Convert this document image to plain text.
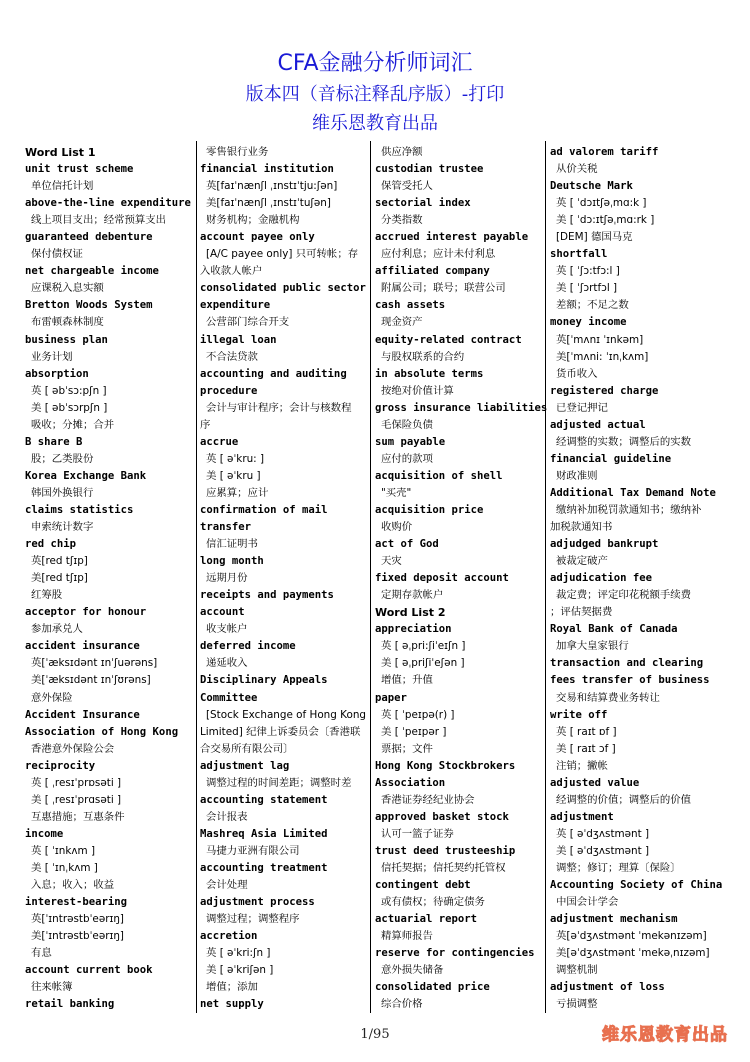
CFA金融分析师词汇
版本四（音标注释乱序版）-打印
维乐恩教育出品
Word List 1
unit trust scheme
单位信托计划
above-the-line expenditure
线上项目支出；经常预算支出
guaranteed debenture
保付债权证
net chargeable income
应课税入息实额
Bretton Woods System
布雷顿森林制度
business plan
业务计划
absorption
英 [ əbˈsɔ:pʃn ]
美 [ əbˈsɔrpʃn ]
吸收；分摊；合并
B share B
股；乙类股份
Korea Exchange Bank
韩国外换银行
claims statistics
申索统计数字
red chip
英[red tʃɪp]
美[red tʃɪp]
红筹股
acceptor for honour
参加承兑人
accident insurance
英[ˈæksɪdənt ɪnˈʃuərəns]
美[ˈæksɪdənt ɪnˈʃʊrəns]
意外保险
Accident Insurance
Association of Hong Kong
香港意外保险公会
reciprocity
英 [ ˌresɪˈprɒsəti ]
美 [ ˌresɪˈprɑsəti ]
互惠措施；互惠条件
income
英 [ ˈɪnkʌm ]
美 [ ˈɪnˌkʌm ]
入息；收入；收益
interest-bearing
英[ˈɪntrəstbˈeərɪŋ]
美[ˈɪntrəstbˈeərɪŋ]
有息
account current book
往来帐簿
retail banking
零售银行业务
financial institution
英[faɪˈnænʃl ˌɪnstɪˈtju:ʃən]
美[faɪˈnænʃl ˌɪnstɪˈtuʃən]
财务机构；金融机构
account payee only
[A/C payee only] 只可转帐；存
入收款人帐户
consolidated public sector
expenditure
公营部门综合开支
illegal loan
不合法贷款
accounting and auditing
procedure
会计与审计程序；会计与核数程
序
accrue
英 [ əˈkru: ]
美 [ əˈkru ]
应累算；应计
confirmation of mail
transfer
信汇证明书
long month
远期月份
receipts and payments
account
收支帐户
deferred income
递延收入
Disciplinary Appeals
Committee
[Stock Exchange of Hong Kong
Limited] 纪律上诉委员会〔香港联
合交易所有限公司〕
adjustment lag
调整过程的时间差距；调整时差
accounting statement
会计报表
Mashreq Asia Limited
马捷力亚洲有限公司
accounting treatment
会计处理
adjustment process
调整过程；调整程序
accretion
英 [ əˈkri:ʃn ]
美 [ əˈkriʃən ]
增值；添加
net supply
供应净额
custodian trustee
保管受托人
sectorial index
分类指数
accrued interest payable
应付利息；应计未付利息
affiliated company
附属公司；联号；联营公司
cash assets
现金资产
equity-related contract
与股权联系的合约
in absolute terms
按绝对价值计算
gross insurance liabilities
毛保险负债
sum payable
应付的款项
acquisition of shell
"买壳"
acquisition price
收购价
act of God
天灾
fixed deposit account
定期存款帐户
Word List 2
appreciation
英 [ əˌpri:ʃiˈeɪʃn ]
美 [ əˌpriʃiˈeʃən ]
增值；升值
paper
英 [ ˈpeɪpə(r) ]
美 [ ˈpeɪpər ]
票据；文件
Hong Kong Stockbrokers
Association
香港证券经纪业协会
approved basket stock
认可一篮子证券
trust deed trusteeship
信托契据；信托契约托管权
contingent debt
或有债权；待确定债务
actuarial report
精算师报告
reserve for contingencies
意外损失储备
consolidated price
综合价格
ad valorem tariff
从价关税
Deutsche Mark
英 [ ˈdɔɪtʃəˌmɑ:k ]
美 [ ˈdɔ:ɪtʃəˌmɑ:rk ]
[DEM] 德国马克
shortfall
英 [ ˈʃɔ:tfɔ:l ]
美 [ ˈʃɔrtfɔl ]
差额；不足之数
money income
英[ˈmʌnɪ ˈɪnkəm]
美[ˈmʌni: ˈɪnˌkʌm]
货币收入
registered charge
已登记押记
adjusted actual
经调整的实数；调整后的实数
financial guideline
财政准则
Additional Tax Demand Note
缴纳补加税罚款通知书；缴纳补
加税款通知书
adjudged bankrupt
被裁定破产
adjudication fee
裁定费；评定印花税额手续费
；评估契据费
Royal Bank of Canada
加拿大皇家银行
transaction and clearing
fees transfer of business
交易和结算费业务转让
write off
英 [ raɪt ɒf ]
美 [ raɪt ɔf ]
注销；撇帐
adjusted value
经调整的价值；调整后的价值
adjustment
英 [ əˈdʒʌstmənt ]
美 [ əˈdʒʌstmənt ]
调整；修订；理算〔保险〕
Accounting Society of China
中国会计学会
adjustment mechanism
英[əˈdʒʌstmənt ˈmekənɪzəm]
美[əˈdʒʌstmənt ˈmekəˌnɪzəm]
调整机制
adjustment of loss
亏损调整
1/95	维乐恩教育出品
